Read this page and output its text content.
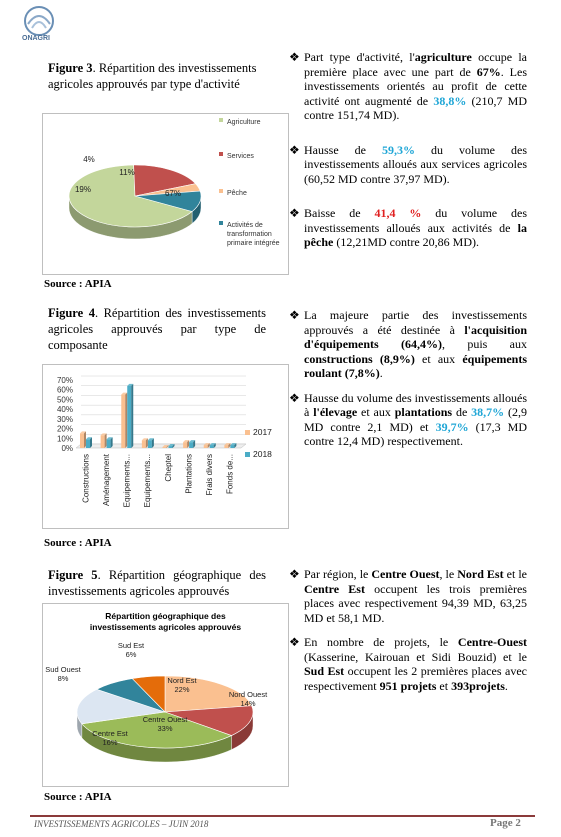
ONAGRI
Figure 3. Répartition des investissements agricoles approuvés par type d'activité
67%
19%
4%
11%
Agriculture
Services
Pêche
Activités de transformation primaire intégrée
Source : APIA
❖ Part type d'activité, l'agriculture occupe la première place avec une part de 67%. Les investissements orientés au profit de cette activité ont augmenté de 38,8% (210,7 MD contre 151,74 MD).
❖ Hausse de 59,3% du volume des investissements alloués aux services agricoles (60,52 MD contre 37,97 MD).
❖ Baisse de 41,4 % du volume des investissements alloués aux activités de la pêche (12,21MD contre 20,86 MD).
Figure 4. Répartition des investissements agricoles approuvés par type de composante
0%
10%
20%
30%
40%
50%
60%
70%
Constructions Aménagement Equipements... Equipements... Cheptel Plantations Frais divers Fonds de...
2017
2018
Source : APIA
❖ La majeure partie des investissements approuvés a été destinée à l'acquisition d'équipements (64,4%), puis aux constructions (8,9%) et aux équipements roulant (7,8%).
❖ Hausse du volume des investissements alloués à l'élevage et aux plantations de 38,7% (2,9 MD contre 2,1 MD) et 39,7% (17,3 MD contre 12,4 MD) respectivement.
Figure 5. Répartition géographique des investissements agricoles approuvés
Répartition géographique des investissements agricoles approuvés
Nord Est 22%
Nord Ouest 14%
Centre Ouest 33%
Centre Est 16%
Sud Ouest 8%
Sud Est 6%
Source : APIA
❖ Par région, le Centre Ouest, le Nord Est et le Centre Est occupent les trois premières places avec respectivement 94,39 MD, 63,25 MD et 58,1 MD.
❖ En nombre de projets, le Centre-Ouest (Kasserine, Kairouan et Sidi Bouzid) et le Sud Est occupent les 2 premières places avec respectivement 951 projets et 393projets.
INVESTISSEMENTS AGRICOLES – JUIN 2018	Page 2
